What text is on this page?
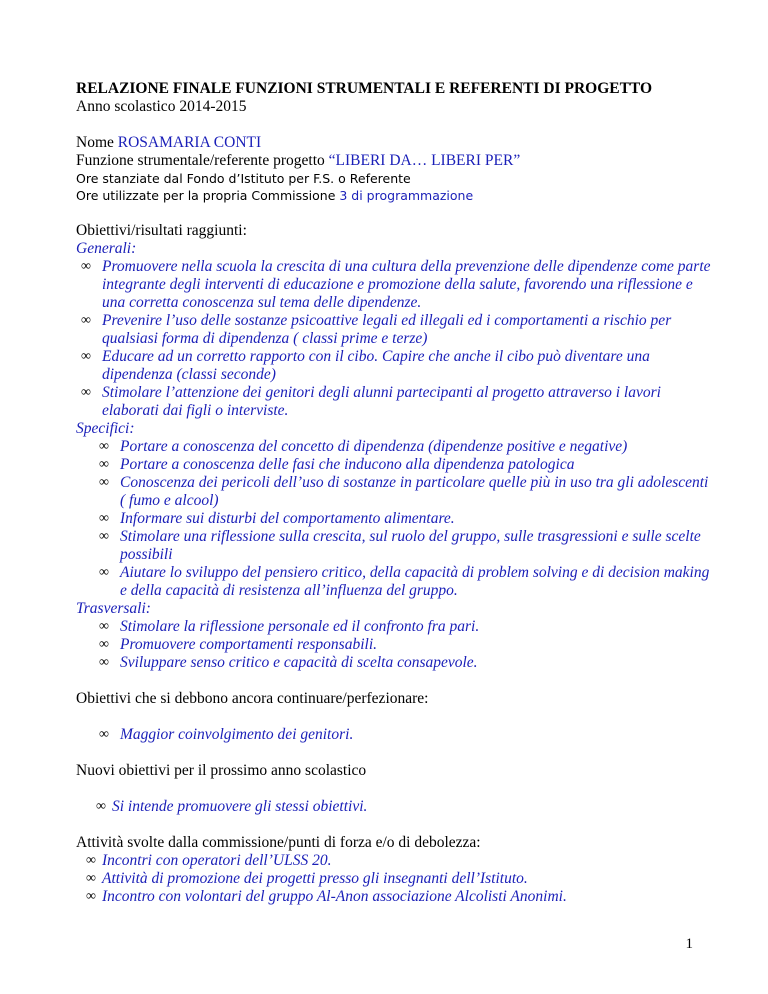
RELAZIONE FINALE FUNZIONI STRUMENTALI E REFERENTI DI PROGETTO
Anno scolastico 2014-2015
Nome ROSAMARIA CONTI
Funzione strumentale/referente progetto “LIBERI DA… LIBERI PER”
Ore stanziate dal Fondo d’Istituto per F.S. o Referente
Ore utilizzate per la propria Commissione 3 di programmazione
Obiettivi/risultati raggiunti:
Generali:
∞ Promuovere nella scuola la crescita di una cultura della prevenzione delle dipendenze come parte integrante degli interventi di educazione e promozione della salute, favorendo una riflessione e una corretta conoscenza sul tema delle dipendenze.
∞ Prevenire l’uso delle sostanze psicoattive legali ed illegali ed i comportamenti a rischio per qualsiasi forma di dipendenza ( classi prime e terze)
∞ Educare ad un corretto rapporto con il cibo. Capire che anche il cibo può diventare una dipendenza (classi seconde)
∞ Stimolare l’attenzione dei genitori degli alunni partecipanti al progetto attraverso i lavori elaborati dai figli o interviste.
Specifici:
∞ Portare a conoscenza del concetto di dipendenza (dipendenze positive e negative)
∞ Portare a conoscenza delle fasi che inducono alla dipendenza patologica
∞ Conoscenza dei pericoli dell’uso di sostanze in particolare quelle più in uso tra gli adolescenti ( fumo e alcool)
∞ Informare sui disturbi del comportamento alimentare.
∞ Stimolare una riflessione sulla crescita, sul ruolo del gruppo, sulle trasgressioni e sulle scelte possibili
∞ Aiutare lo sviluppo del pensiero critico, della capacità di problem solving e di decision making e della capacità di resistenza all’influenza del gruppo.
Trasversali:
∞ Stimolare la riflessione personale ed il confronto fra pari.
∞ Promuovere comportamenti responsabili.
∞ Sviluppare senso critico e capacità di scelta consapevole.
Obiettivi che si debbono ancora continuare/perfezionare:
∞ Maggior coinvolgimento dei genitori.
Nuovi obiettivi per il prossimo anno scolastico
∞ Si intende promuovere gli stessi obiettivi.
Attività svolte dalla commissione/punti di forza e/o di debolezza:
∞ Incontri con operatori dell’ULSS 20.
∞ Attività di promozione dei progetti presso gli insegnanti dell’Istituto.
∞ Incontro con volontari del gruppo Al-Anon associazione Alcolisti Anonimi.
1
